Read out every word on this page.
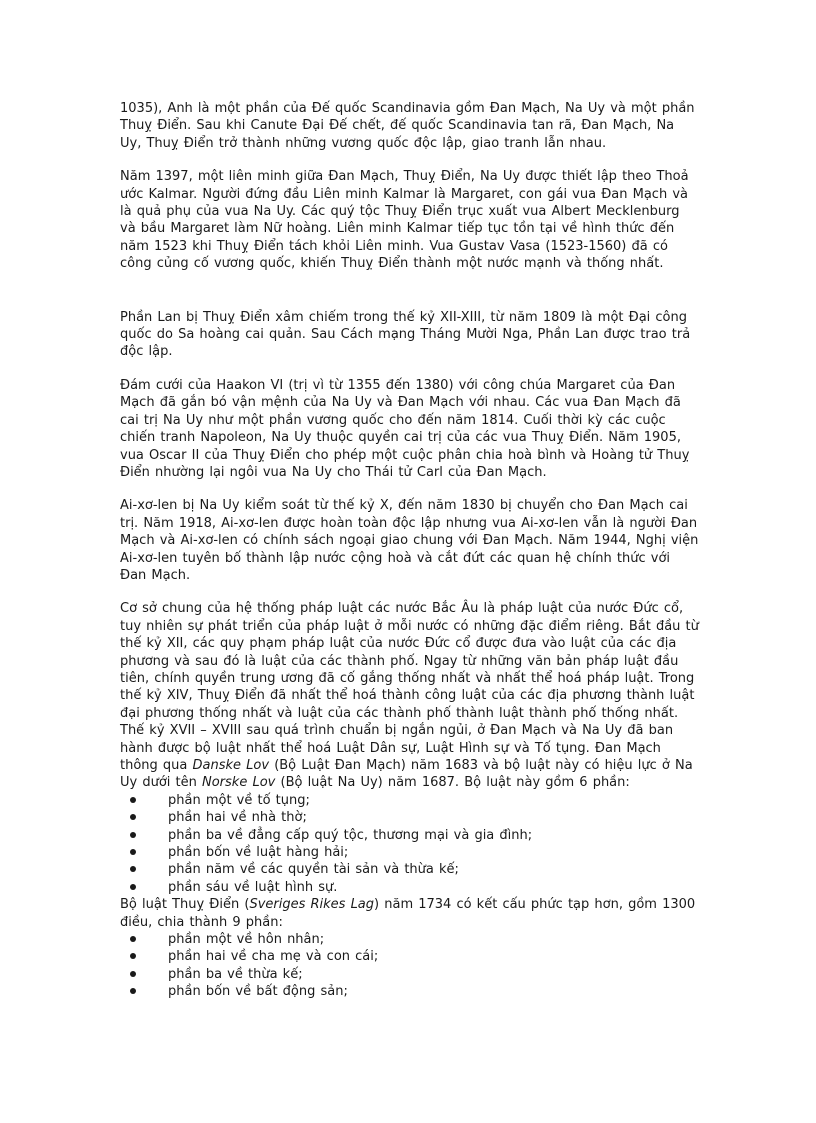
1035), Anh là một phần của Đế quốc Scandinavia gồm Đan Mạch, Na Uy và một phần Thuỵ Điển. Sau khi Canute Đại Đế chết, đế quốc Scandinavia tan rã, Đan Mạch, Na Uy, Thuỵ Điển trở thành những vương quốc độc lập, giao tranh lẫn nhau.

Năm 1397, một liên minh giữa Đan Mạch, Thuỵ Điển, Na Uy được thiết lập theo Thoả ước Kalmar. Người đứng đầu Liên minh Kalmar là Margaret, con gái vua Đan Mạch và là quả phụ của vua Na Uy. Các quý tộc Thuỵ Điển trục xuất vua Albert Mecklenburg và bầu Margaret làm Nữ hoàng. Liên minh Kalmar tiếp tục tồn tại về hình thức đến năm 1523 khi Thuỵ Điển tách khỏi Liên minh. Vua Gustav Vasa (1523-1560) đã có công củng cố vương quốc, khiến Thuỵ Điển thành một nước mạnh và thống nhất.

Phần Lan bị Thuỵ Điển xâm chiếm trong thế kỷ XII-XIII, từ năm 1809 là một Đại công quốc do Sa hoàng cai quản. Sau Cách mạng Tháng Mười Nga, Phần Lan được trao trả độc lập.

Đám cưới của Haakon VI (trị vì từ 1355 đến 1380) với công chúa Margaret của Đan Mạch đã gắn bó vận mệnh của Na Uy và Đan Mạch với nhau. Các vua Đan Mạch đã cai trị Na Uy như một phần vương quốc cho đến năm 1814. Cuối thời kỳ các cuộc chiến tranh Napoleon, Na Uy thuộc quyền cai trị của các vua Thuỵ Điển. Năm 1905, vua Oscar II của Thuỵ Điển cho phép một cuộc phân chia hoà bình và Hoàng tử Thuỵ Điển nhường lại ngôi vua Na Uy cho Thái tử Carl của Đan Mạch.

Ai-xơ-len bị Na Uy kiểm soát từ thế kỷ X, đến năm 1830 bị chuyển cho Đan Mạch cai trị. Năm 1918, Ai-xơ-len được hoàn toàn độc lập nhưng vua Ai-xơ-len vẫn là người Đan Mạch và Ai-xơ-len có chính sách ngoại giao chung với Đan Mạch. Năm 1944, Nghị viện Ai-xơ-len tuyên bố thành lập nước cộng hoà và cắt đứt các quan hệ chính thức với Đan Mạch.

Cơ sở chung của hệ thống pháp luật các nước Bắc Âu là pháp luật của nước Đức cổ, tuy nhiên sự phát triển của pháp luật ở mỗi nước có những đặc điểm riêng. Bắt đầu từ thế kỷ XII, các quy phạm pháp luật của nước Đức cổ được đưa vào luật của các địa phương và sau đó là luật của các thành phố. Ngay từ những văn bản pháp luật đầu tiên, chính quyền trung ương đã cố gắng thống nhất và nhất thể hoá pháp luật. Trong thế kỷ XIV, Thuỵ Điển đã nhất thể hoá thành công luật của các địa phương thành luật đại phương thống nhất và luật của các thành phố thành luật thành phố thống nhất. Thế kỷ XVII – XVIII sau quá trình chuẩn bị ngắn ngủi, ở Đan Mạch và Na Uy đã ban hành được bộ luật nhất thể hoá Luật Dân sự, Luật Hình sự và Tố tụng. Đan Mạch thông qua Danske Lov (Bộ Luật Đan Mạch) năm 1683 và bộ luật này có hiệu lực ở Na Uy dưới tên Norske Lov (Bộ luật Na Uy) năm 1687. Bộ luật này gồm 6 phần:

phần một về tố tụng;
phần hai về nhà thờ;
phần ba về đẳng cấp quý tộc, thương mại và gia đình;
phần bốn về luật hàng hải;
phần năm về các quyền tài sản và thừa kế;
phần sáu về luật hình sự.

Bộ luật Thuỵ Điển (Sveriges Rikes Lag) năm 1734 có kết cấu phức tạp hơn, gồm 1300 điều, chia thành 9 phần:

phần một về hôn nhân;
phần hai về cha mẹ và con cái;
phần ba về thừa kế;
phần bốn về bất động sản;
